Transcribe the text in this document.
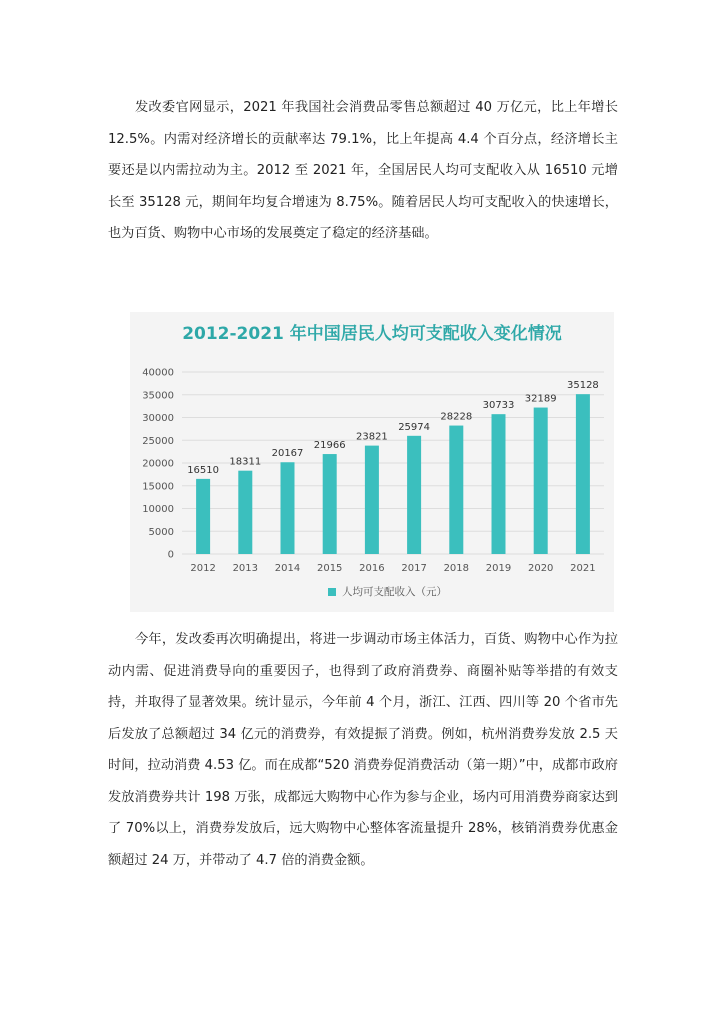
发改委官网显示，2021 年我国社会消费品零售总额超过 40 万亿元，比上年增长 12.5%。内需对经济增长的贡献率达 79.1%，比上年提高 4.4 个百分点，经济增长主要还是以内需拉动为主。2012 至 2021 年，全国居民人均可支配收入从 16510 元增长至 35128 元，期间年均复合增速为 8.75%。随着居民人均可支配收入的快速增长，也为百货、购物中心市场的发展奠定了稳定的经济基础。

2012-2021 年中国居民人均可支配收入变化情况
0
5000
10000
15000
20000
25000
30000
35000
40000
16510
2012
18311
2013
20167
2014
21966
2015
23821
2016
25974
2017
28228
2018
30733
2019
32189
2020
35128
2021
人均可支配收入（元）

今年，发改委再次明确提出，将进一步调动市场主体活力，百货、购物中心作为拉动内需、促进消费导向的重要因子，也得到了政府消费券、商圈补贴等举措的有效支持，并取得了显著效果。统计显示，今年前 4 个月，浙江、江西、四川等 20 个省市先后发放了总额超过 34 亿元的消费券，有效提振了消费。例如，杭州消费券发放 2.5 天时间，拉动消费 4.53 亿。而在成都“520 消费券促消费活动（第一期）”中，成都市政府发放消费券共计 198 万张，成都远大购物中心作为参与企业，场内可用消费券商家达到了 70%以上，消费券发放后，远大购物中心整体客流量提升 28%，核销消费券优惠金额超过 24 万，并带动了 4.7 倍的消费金额。
